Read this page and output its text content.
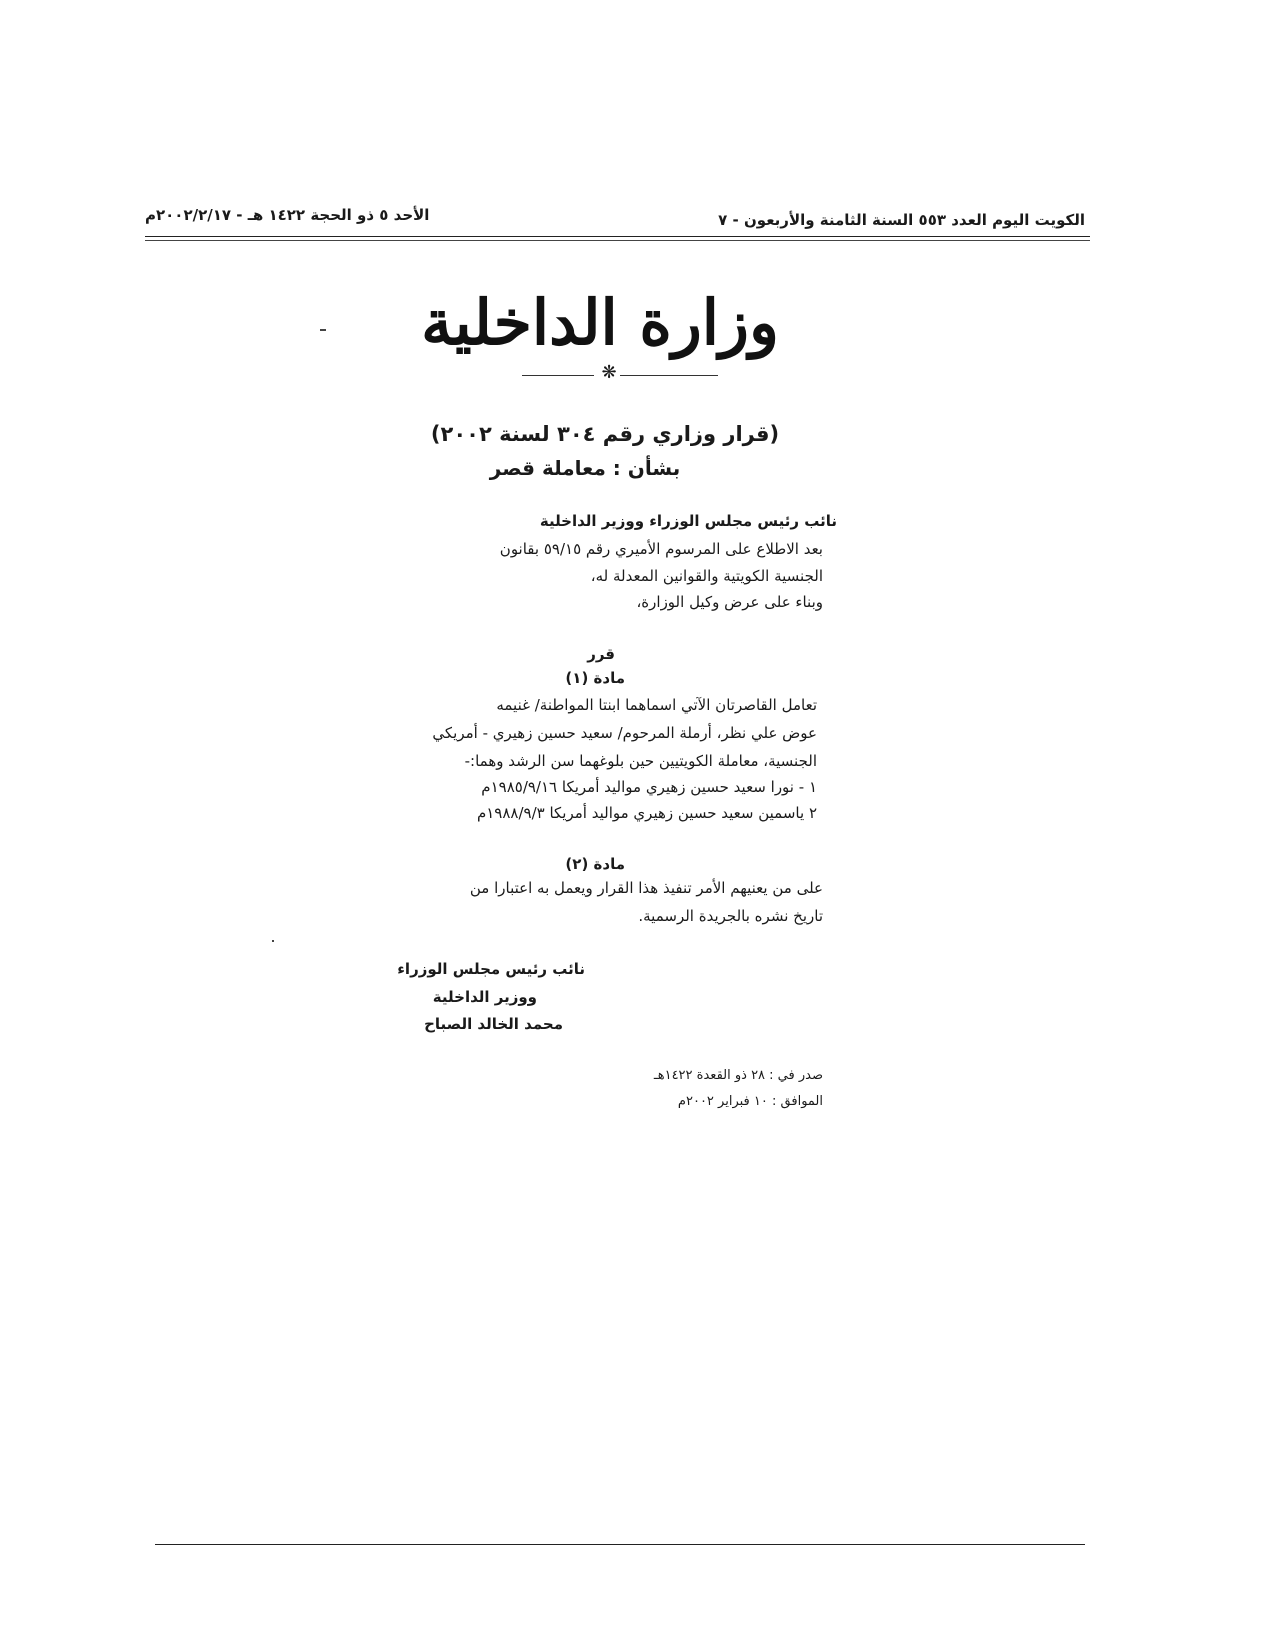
الكويت اليوم العدد ٥٥٣ السنة الثامنة والأربعون - ٧
الأحد ٥ ذو الحجة ١٤٢٢ هـ - ٢٠٠٢/٢/١٧م
وزارة الداخلية
❋
(قرار وزاري رقم ٣٠٤ لسنة ٢٠٠٢)
بشأن : معاملة قصر
نائب رئيس مجلس الوزراء ووزير الداخلية
بعد الاطلاع على المرسوم الأميري رقم ٥٩/١٥ بقانون
الجنسية الكويتية والقوانين المعدلة له،
وبناء على عرض وكيل الوزارة،
قرر
مادة (١)
تعامل القاصرتان الآتي اسماهما ابنتا المواطنة/ غنيمه
عوض علي نظر، أرملة المرحوم/ سعيد حسين زهيري - أمريكي
الجنسية، معاملة الكويتيين حين بلوغهما سن الرشد وهما:-
١ - نورا سعيد حسين زهيري مواليد أمريكا ١٩٨٥/٩/١٦م
٢ ياسمين سعيد حسين زهيري مواليد أمريكا ١٩٨٨/٩/٣م
مادة (٢)
على من يعنيهم الأمر تنفيذ هذا القرار ويعمل به اعتبارا من
تاريخ نشره بالجريدة الرسمية.
نائب رئيس مجلس الوزراء
ووزير الداخلية
محمد الخالد الصباح
صدر في : ٢٨ ذو القعدة ١٤٢٢هـ
الموافق : ١٠ فبراير ٢٠٠٢م
